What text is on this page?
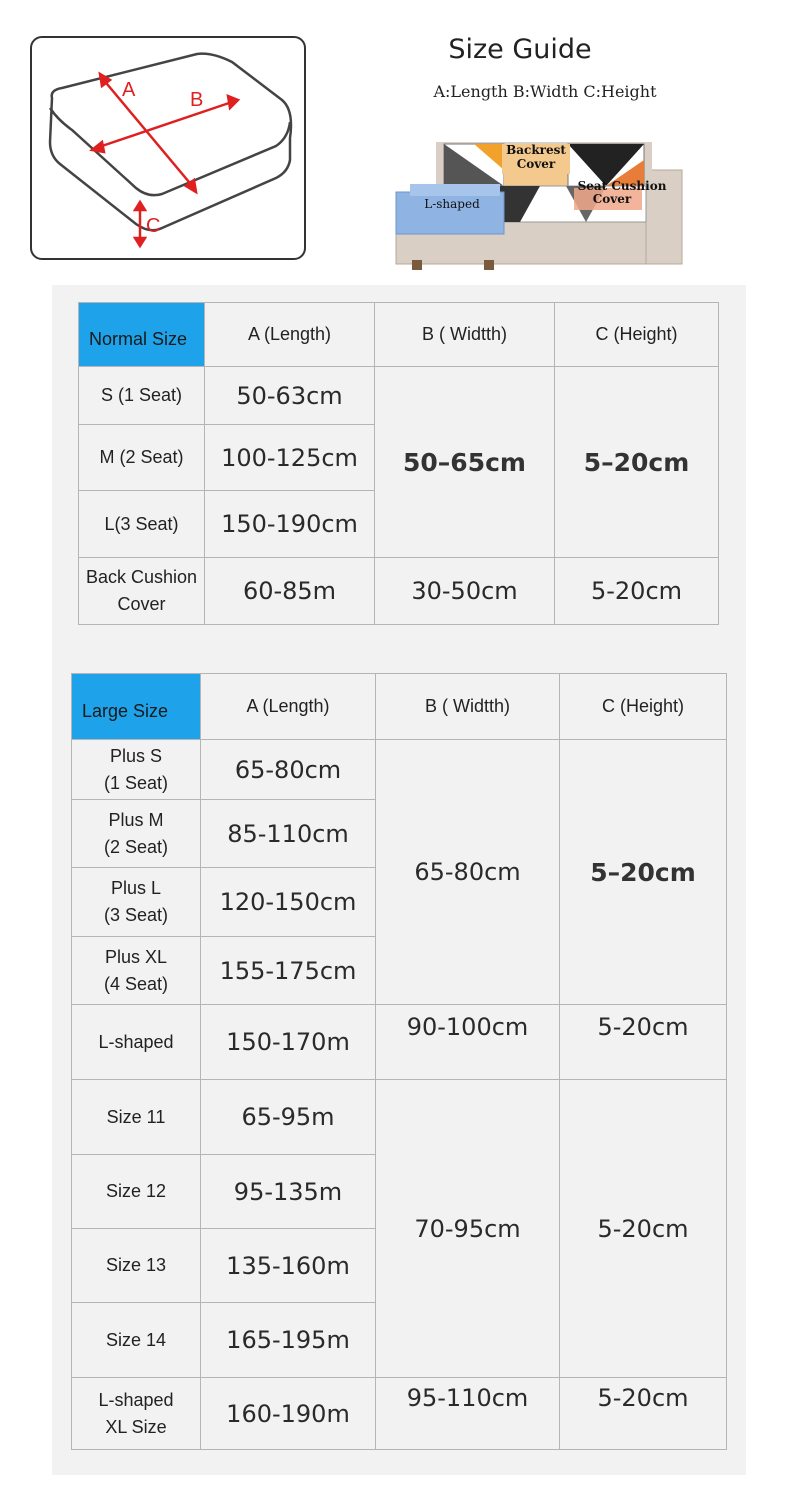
A	B
C
Size Guide
A:Length B:Width C:Height
Backrest
Cover
Seat Cushion
Cover
L-shaped
Normal Size	A (Length)	B ( Widtth)	C (Height)
S (1 Seat)	50-63cm	50–65cm	5–20cm
M (2 Seat)	100-125cm		
L(3 Seat)	150-190cm		
Back Cushion Cover	60-85m	30-50cm	5-20cm
Large Size	A (Length)	B ( Widtth)	C (Height)

Plus S
(1 Seat)	65-80cm	65-80cm	5–20cm

Plus M
(2 Seat)	85-110cm		

Plus L
(3 Seat)	120-150cm		

Plus XL
(4 Seat)	155-175cm		
L-shaped	150-170m	90-100cm	5-20cm
Size 11	65-95m	70-95cm	5-20cm
Size 12	95-135m		
Size 13	135-160m		
Size 14	165-195m		

L-shaped
XL Size	160-190m	95-110cm	5-20cm
